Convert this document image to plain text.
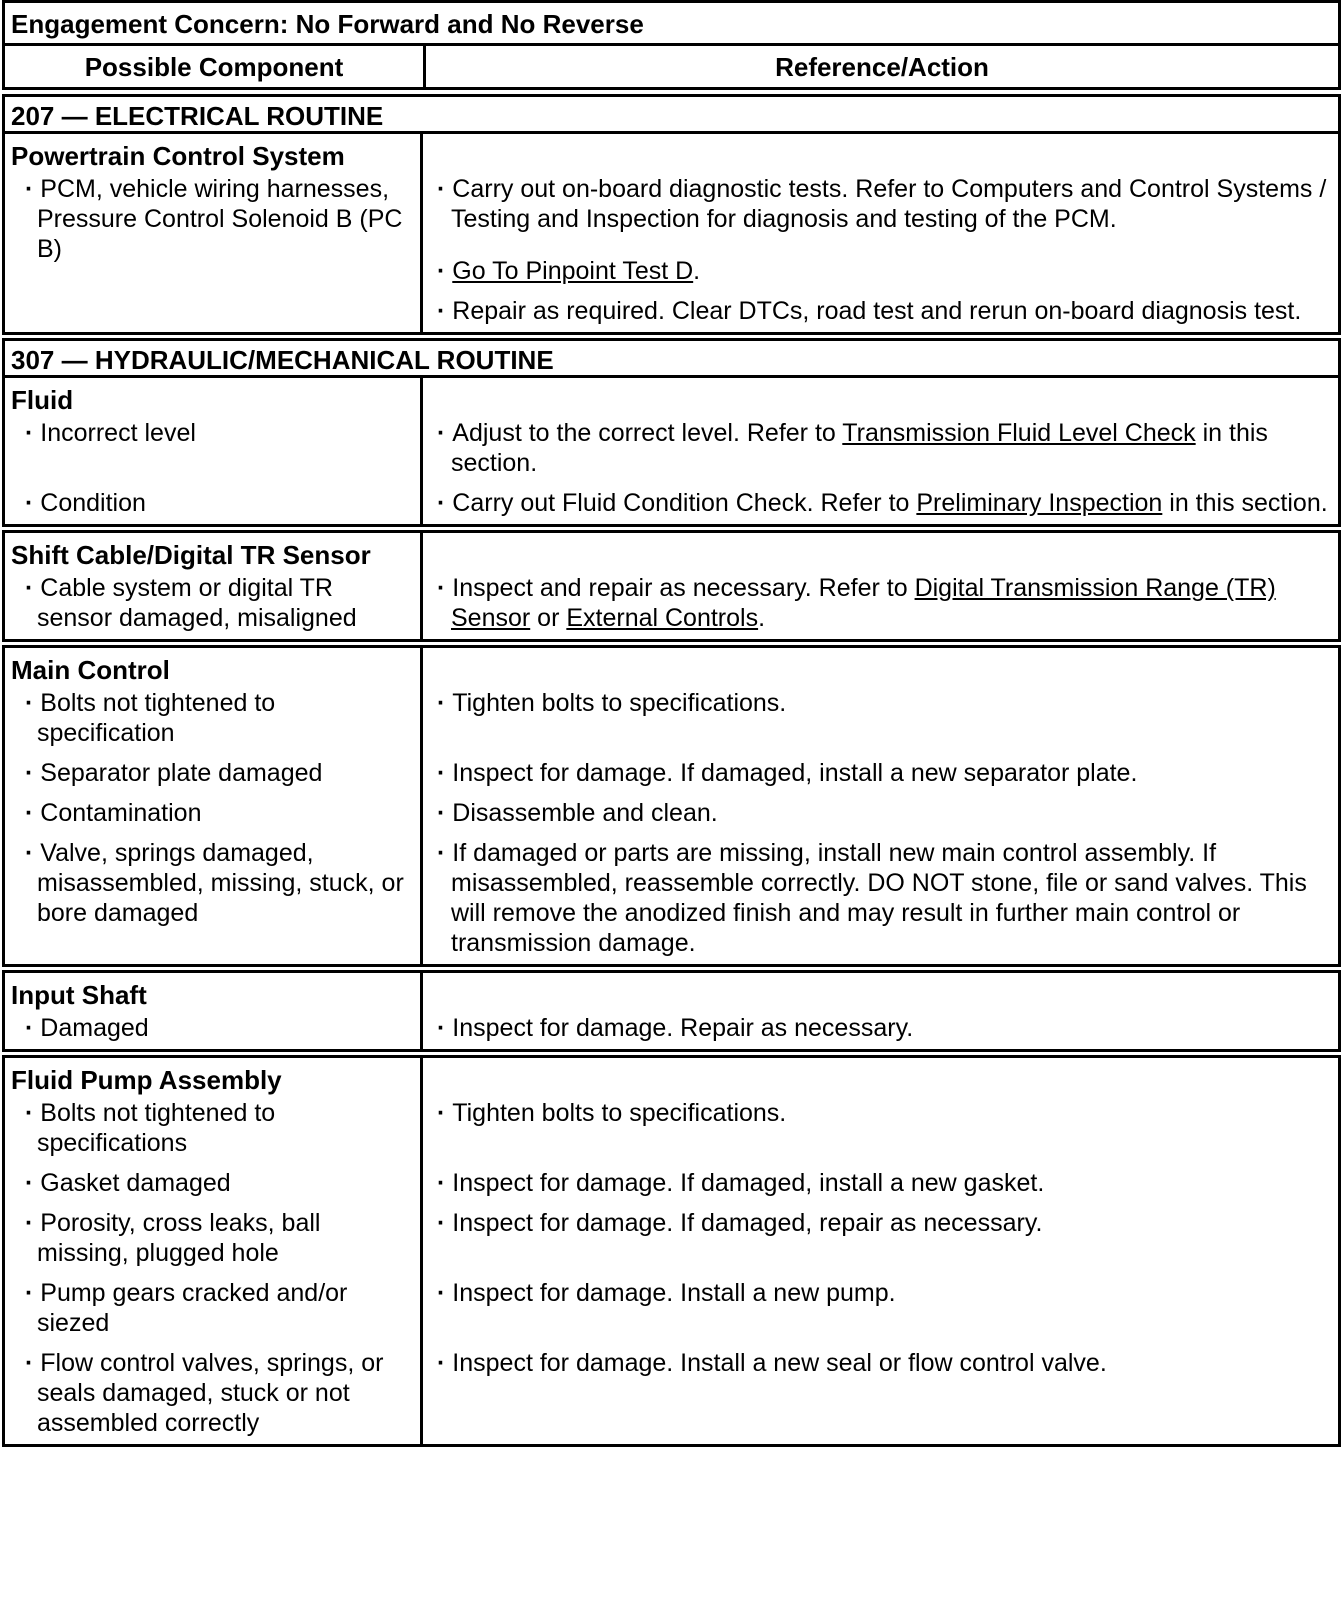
Engagement Concern: No Forward and No Reverse
Possible Component	Reference/Action
207 — ELECTRICAL ROUTINE
Powertrain Control System
· PCM, vehicle wiring harnesses, Pressure Control Solenoid B (PC B)
· Carry out on-board diagnostic tests. Refer to Computers and Control Systems / Testing and Inspection for diagnosis and testing of the PCM.
· Go To Pinpoint Test D.
· Repair as required. Clear DTCs, road test and rerun on-board diagnosis test.
307 — HYDRAULIC/MECHANICAL ROUTINE
Fluid
· Incorrect level
· Condition
· Adjust to the correct level. Refer to Transmission Fluid Level Check in this section.
· Carry out Fluid Condition Check. Refer to Preliminary Inspection in this section.
Shift Cable/Digital TR Sensor
· Cable system or digital TR sensor damaged, misaligned
· Inspect and repair as necessary. Refer to Digital Transmission Range (TR) Sensor or External Controls.
Main Control
· Bolts not tightened to specification
· Separator plate damaged
· Contamination
· Valve, springs damaged, misassembled, missing, stuck, or bore damaged
· Tighten bolts to specifications.
· Inspect for damage. If damaged, install a new separator plate.
· Disassemble and clean.
· If damaged or parts are missing, install new main control assembly. If misassembled, reassemble correctly. DO NOT stone, file or sand valves. This will remove the anodized finish and may result in further main control or transmission damage.
Input Shaft
· Damaged
·	Inspect for damage. Repair as necessary.
Fluid Pump Assembly
· Bolts not tightened to specifications
· Gasket damaged
· Porosity, cross leaks, ball missing, plugged hole
· Pump gears cracked and/or siezed
· Flow control valves, springs, or seals damaged, stuck or not assembled correctly
· Tighten bolts to specifications.
· Inspect for damage. If damaged, install a new gasket.
· Inspect for damage. If damaged, repair as necessary.
· Inspect for damage. Install a new pump.
· Inspect for damage. Install a new seal or flow control valve.
